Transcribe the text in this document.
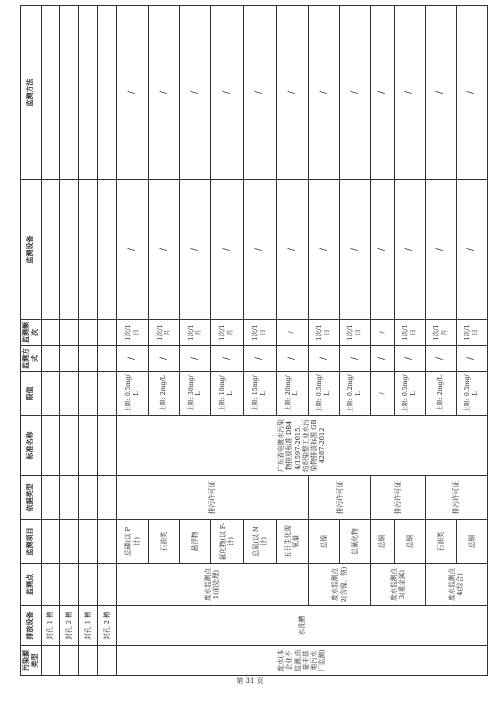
污染源类型	排放设备	监测点	监测项目	依据类型	标准名称	限值	监测方式	监测频次	监测设备	监测方法
	封孔 1 槽									
	封孔 2 槽									
	封孔 1 槽									
	封孔 2 槽									
废水(本企业不监测,由豪丰基地污水厂监测)	水洗槽	废水监测点 1(前处理)	总磷(以 P 计)	排污许可证	广东省电镀水污染物排放标准 DB44/1597-2015、纺织染整工业水污染物排放标准 GB 4287-2012	上限: 0.5mg/L	/	1次/1日	/	/
			石油类			上限: 2mg/L	/	1次/1月	/	/
			悬浮物			上限: 30mg/L	/	1次/1月	/	/
			氟化物(以 F-计)			上限: 10mg/L	/	1次/1月	/	/
			总氮(以 N 计)			上限: 15mg/L	/	1次/1日	/	/
			五日生化需氧量			上限: 20mg/L	/	/	/	/
		废水监测点 2(含镍、铬)	总镍	排污许可证		上限: 0.5mg/L	/	1次/1日	/	/
			总氰化物			上限: 0.2mg/L	/	1次/1日	/	/
		废水监测点 3(重金属)	总铜	排污许可证		/	/	/	/	/
			总铜			上限: 0.5mg/L	/	1次/1日	/	/
		废水监测点 4(综合)	石油类	排污许可证		上限: 2mg/L	/	1次/1月	/	/
			总铜			上限: 0.5mg/L	/	1次/1日	/	/
第 31 页
